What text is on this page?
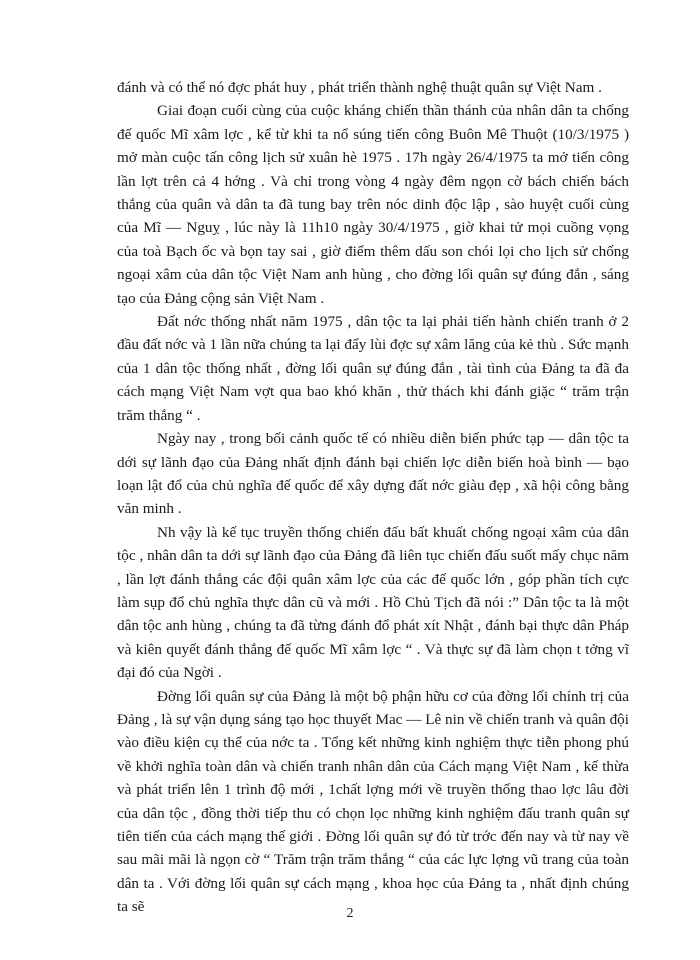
đánh và có thể nó đợc phát huy , phát triển thành nghệ thuật quân sự Việt Nam .

Giai đoạn cuối cùng của cuộc kháng chiến thần thánh của nhân dân ta chống đế quốc Mĩ xâm lợc , kể từ khi ta nổ súng tiến công Buôn Mê Thuột (10/3/1975 ) mở màn cuộc tấn công lịch sử xuân hè 1975 . 17h ngày 26/4/1975 ta mở tiến công lần lợt trên cả 4 hớng . Và chỉ trong vòng 4 ngày đêm ngọn cờ bách chiến bách thắng của quân và dân ta đã tung bay trên nóc dinh độc lập , sào huyệt cuối cùng của Mĩ — Nguỵ , lúc này là 11h10 ngày 30/4/1975 , giờ khai tử mọi cuồng vọng của toà Bạch ốc và bọn tay sai , giờ điểm thêm dấu son chói lọi cho lịch sử chống ngoại xâm của dân tộc Việt Nam anh hùng , cho đờng lối quân sự đúng đắn , sáng tạo của Đảng cộng sản Việt Nam .

Đất nớc thống nhất năm 1975 , dân tộc ta lại phải tiến hành chiến tranh ở 2 đầu đất nớc và 1 lần nữa chúng ta lại đẩy lùi đợc sự xâm lăng của kẻ thù . Sức mạnh của 1 dân tộc thống nhất , đờng lối quân sự đúng đắn , tài tình của Đảng ta đã đa cách mạng Việt Nam vợt qua bao khó khăn , thử thách khi đánh giặc “ trăm trận trăm thắng “ .

Ngày nay , trong bối cảnh quốc tế có nhiều diễn biến phức tạp — dân tộc ta dới sự lãnh đạo của Đảng nhất định đánh bại chiến lợc diễn biến hoà bình — bạo loạn lật đổ của chủ nghĩa đế quốc để xây dựng đất nớc giàu đẹp , xã hội công bằng văn minh .

Nh vậy là kế tục truyền thống chiến đấu bất khuất chống ngoại xâm của dân tộc , nhân dân ta dới sự lãnh đạo của Đảng đã liên tục chiến đấu suốt mấy chục năm , lần lợt đánh thắng các đội quân xâm lợc của các đế quốc lớn , góp phần tích cực làm sụp đổ chủ nghĩa thực dân cũ và mới . Hồ Chủ Tịch đã nói :” Dân tộc ta là một dân tộc anh hùng , chúng ta đã từng đánh đổ phát xít Nhật , đánh bại thực dân Pháp và kiên quyết đánh thắng đế quốc Mĩ xâm lợc “ . Và thực sự đã làm chọn t tởng vĩ đại đó của Ngời .

Đờng lối quân sự của Đảng là một bộ phận hữu cơ của đờng lối chính trị của Đảng , là sự vận dụng sáng tạo học thuyết Mac — Lê nin về chiến tranh và quân đội vào điều kiện cụ thể của nớc ta . Tổng kết những kinh nghiệm thực tiễn phong phú về khởi nghĩa toàn dân và chiến tranh nhân dân của Cách mạng Việt Nam , kế thừa và phát triển lên 1 trình độ mới , 1chất lợng mới về truyền thống thao lợc lâu đời của dân tộc , đồng thời tiếp thu có chọn lọc những kinh nghiệm đấu tranh quân sự tiên tiến của cách mạng thế giới . Đờng lối quân sự đó từ trớc đến nay và từ nay về sau mãi mãi là ngọn cờ “ Trăm trận trăm thắng “ của các lực lợng vũ trang của toàn dân ta . Với đờng lối quân sự cách mạng , khoa học của Đảng ta , nhất định chúng ta sẽ	2
